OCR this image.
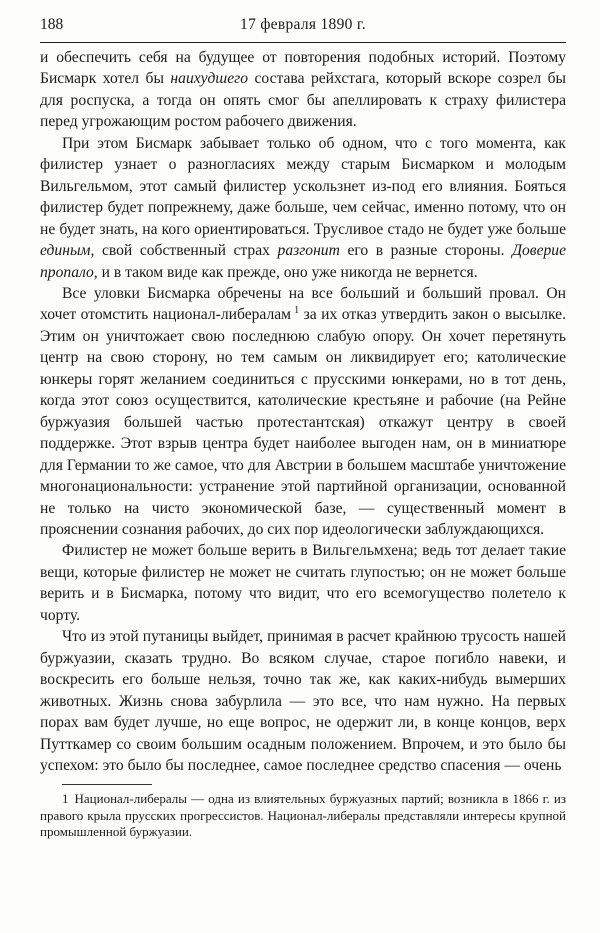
188	17 февраля 1890 г.

и обеспечить себя на будущее от повторения подобных историй. Поэтому Бисмарк хотел бы наихудшего состава рейхстага, который вскоре созрел бы для роспуска, а тогда он опять смог бы апеллировать к страху филистера перед угрожающим ростом рабочего движения.

При этом Бисмарк забывает только об одном, что с того момента, как филистер узнает о разногласиях между старым Бисмарком и молодым Вильгельмом, этот самый филистер ускользнет из-под его влияния. Бояться филистер будет попрежнему, даже больше, чем сейчас, именно потому, что он не будет знать, на кого ориентироваться. Трусливое стадо не будет уже больше единым, свой собственный страх разгонит его в разные стороны. Доверие пропало, и в таком виде как прежде, оно уже никогда не вернется.

Все уловки Бисмарка обречены на все больший и больший провал. Он хочет отомстить национал-либералам $^1$ за их отказ утвердить закон о высылке. Этим он уничтожает свою последнюю слабую опору. Он хочет перетянуть центр на свою сторону, но тем самым он ликвидирует его; католические юнкеры горят желанием соединиться с прусскими юнкерами, но в тот день, когда этот союз осуществится, католические крестьяне и рабочие (на Рейне буржуазия большей частью протестантская) откажут центру в своей поддержке. Этот взрыв центра будет наиболее выгоден нам, он в миниатюре для Германии то же самое, что для Австрии в большем масштабе уничтожение многонациональности: устранение этой партийной организации, основанной не только на чисто экономической базе, — существенный момент в прояснении сознания рабочих, до сих пор идеологически заблуждающихся.

Филистер не может больше верить в Вильгельмхена; ведь тот делает такие вещи, которые филистер не может не считать глупостью; он не может больше верить и в Бисмарка, потому что видит, что его всемогущество полетело к чорту.

Что из этой путаницы выйдет, принимая в расчет крайнюю трусость нашей буржуазии, сказать трудно. Во всяком случае, старое погибло навеки, и воскресить его больше нельзя, точно так же, как каких-нибудь вымерших животных. Жизнь снова забурлила — это все, что нам нужно. На первых порах вам будет лучше, но еще вопрос, не одержит ли, в конце концов, верх Путткамер со своим большим осадным положением. Впрочем, и это было бы успехом: это было бы последнее, самое последнее средство спасения — очень

1 Национал-либералы — одна из влиятельных буржуазных партий; возникла в 1866 г. из правого крыла прусских прогрессистов. Национал-либералы представляли интересы крупной промышленной буржуазии.
